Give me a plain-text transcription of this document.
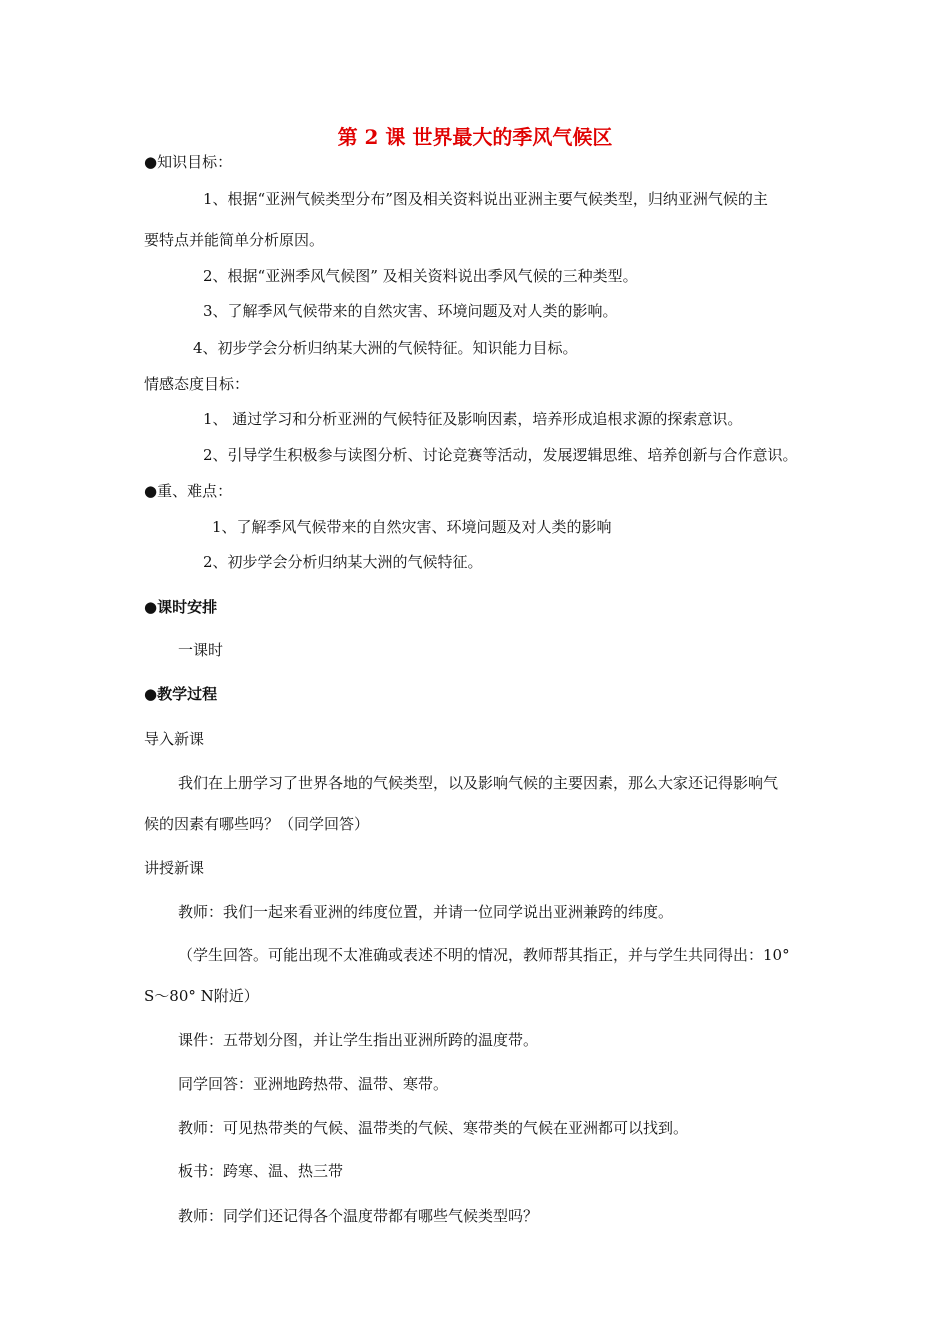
第 2 课 世界最大的季风气候区
●知识目标：
1、根据“亚洲气候类型分布”图及相关资料说出亚洲主要气候类型，归纳亚洲气候的主
要特点并能简单分析原因。
2、根据“亚洲季风气候图” 及相关资料说出季风气候的三种类型。
3、了解季风气候带来的自然灾害、环境问题及对人类的影响。
4、初步学会分析归纳某大洲的气候特征。知识能力目标。
情感态度目标：
1、 通过学习和分析亚洲的气候特征及影响因素，培养形成追根求源的探索意识。
2、引导学生积极参与读图分析、讨论竞赛等活动，发展逻辑思维、培养创新与合作意识。
●重、难点：
1、了解季风气候带来的自然灾害、环境问题及对人类的影响
2、初步学会分析归纳某大洲的气候特征。
●课时安排
一课时
●教学过程
导入新课
我们在上册学习了世界各地的气候类型，以及影响气候的主要因素，那么大家还记得影响气
候的因素有哪些吗？（同学回答）
讲授新课
教师：我们一起来看亚洲的纬度位置，并请一位同学说出亚洲兼跨的纬度。
（学生回答。可能出现不太准确或表述不明的情况，教师帮其指正，并与学生共同得出：10°
S～80° N附近）
课件：五带划分图，并让学生指出亚洲所跨的温度带。
同学回答：亚洲地跨热带、温带、寒带。
教师：可见热带类的气候、温带类的气候、寒带类的气候在亚洲都可以找到。
板书：跨寒、温、热三带
教师：同学们还记得各个温度带都有哪些气候类型吗？
